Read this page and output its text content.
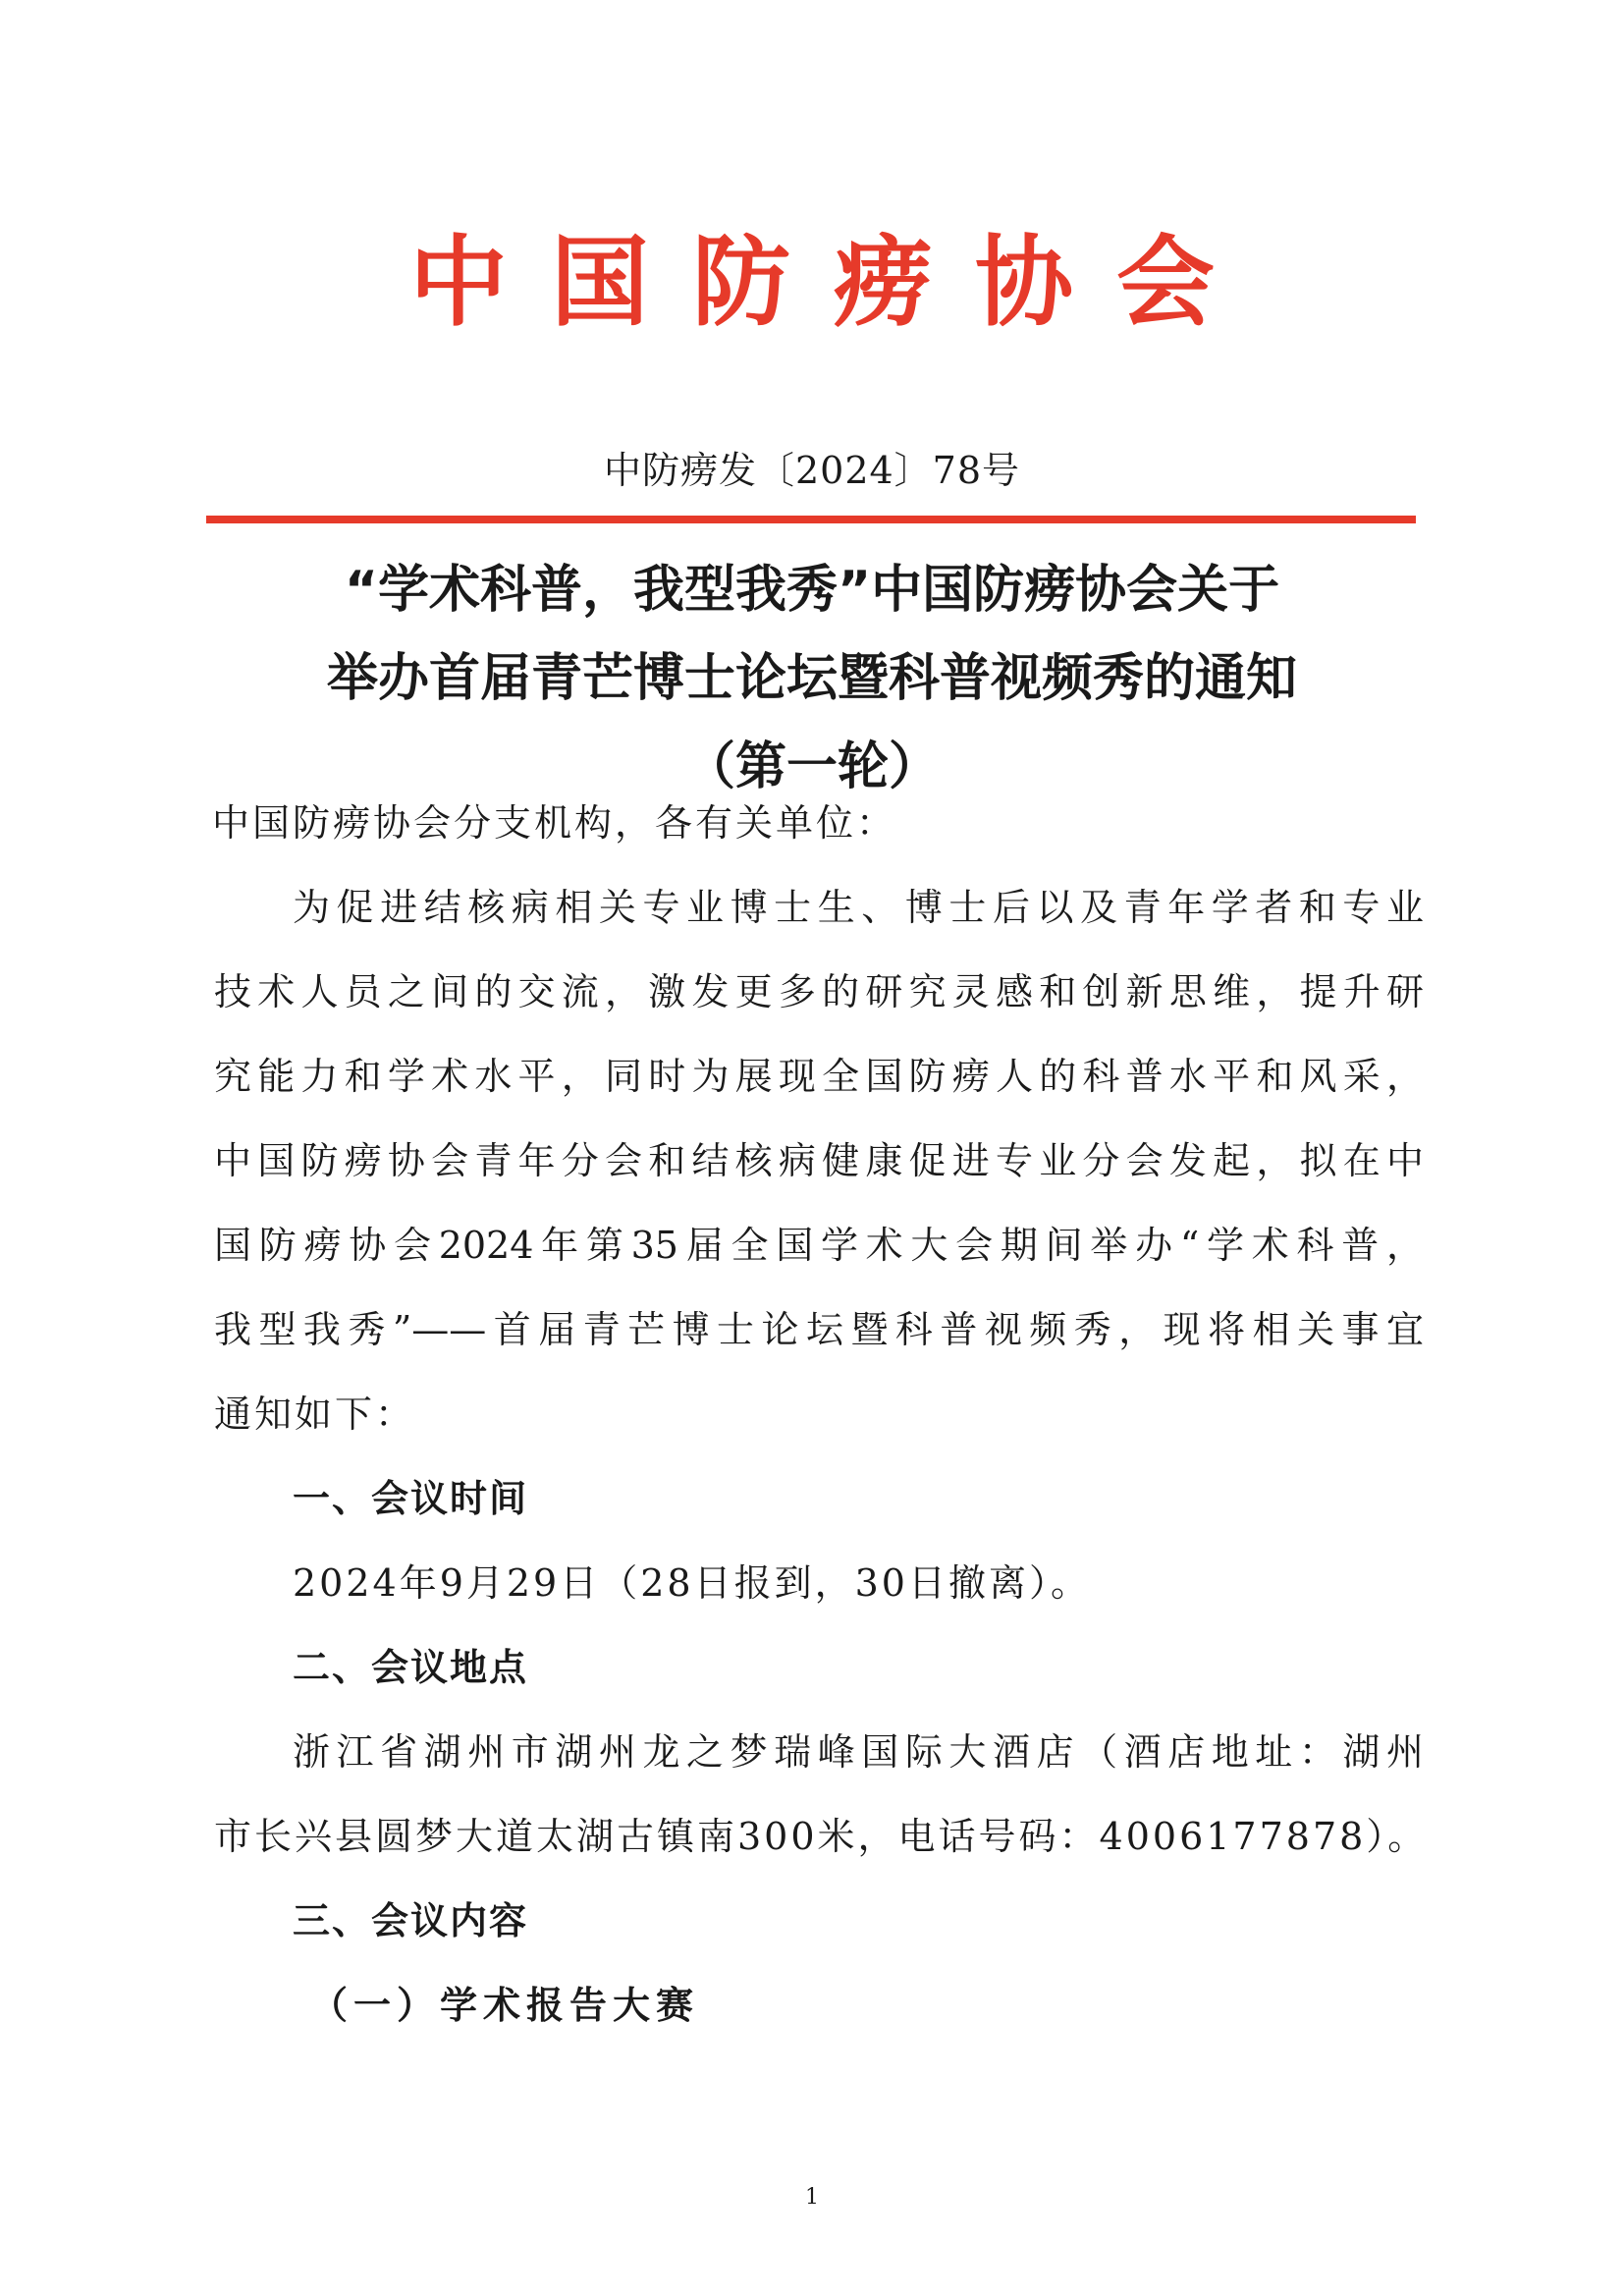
中国防痨协会
中防痨发〔2024〕78号
“学术科普，我型我秀”中国防痨协会关于
举办首届青芒博士论坛暨科普视频秀的通知
（第一轮）
中国防痨协会分支机构，各有关单位：
为促进结核病相关专业博士生、博士后以及青年学者和专业
技术人员之间的交流，激发更多的研究灵感和创新思维，提升研
究能力和学术水平，同时为展现全国防痨人的科普水平和风采，
中国防痨协会青年分会和结核病健康促进专业分会发起，拟在中
国防痨协会2024年第35届全国学术大会期间举办“学术科普，
我型我秀”——首届青芒博士论坛暨科普视频秀，现将相关事宜
通知如下：
一、会议时间
2024年9月29日（28日报到，30日撤离）。
二、会议地点
浙江省湖州市湖州龙之梦瑞峰国际大酒店（酒店地址：湖州
市长兴县圆梦大道太湖古镇南300米，电话号码：4006177878）。
三、会议内容
（一）学术报告大赛
1
